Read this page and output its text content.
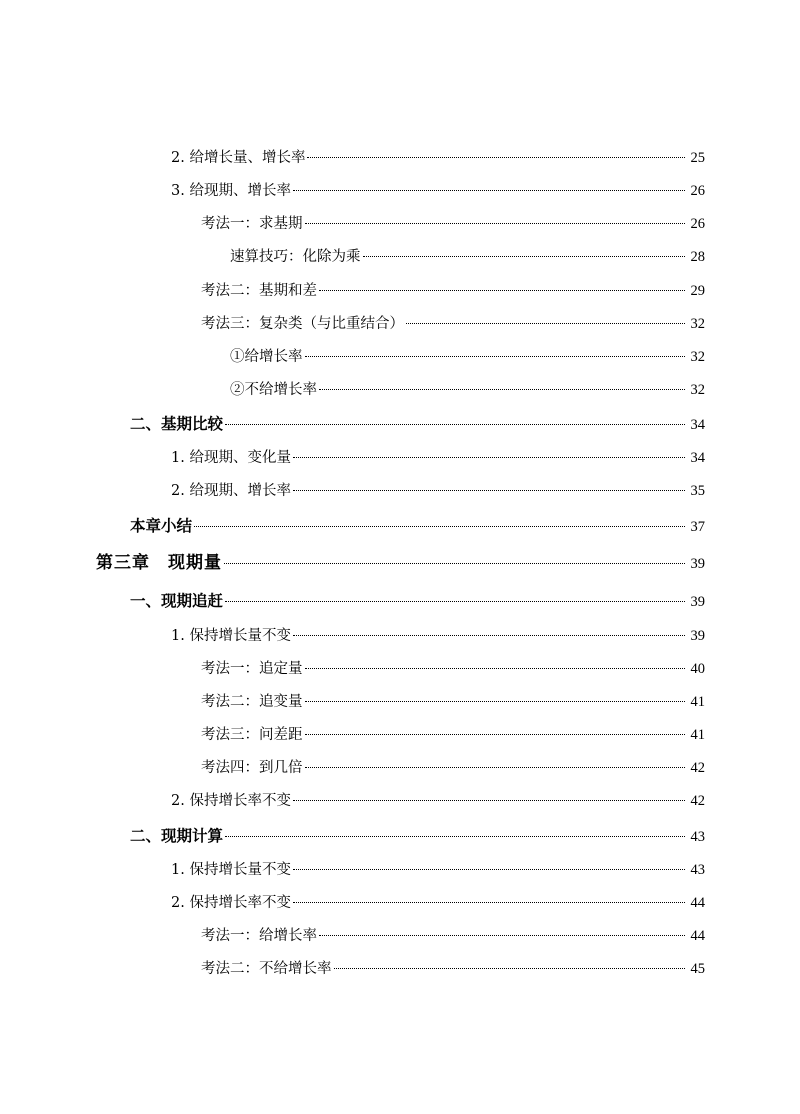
2. 给增长量、增长率	25
3. 给现期、增长率	26
考法一：求基期	26
速算技巧：化除为乘	28
考法二：基期和差	29
考法三：复杂类（与比重结合）	32
①给增长率	32
②不给增长率	32
二、基期比较	34
1. 给现期、变化量	34
2. 给现期、增长率	35
本章小结	37
第三章 现期量	39
一、现期追赶	39
1. 保持增长量不变	39
考法一：追定量	40
考法二：追变量	41
考法三：问差距	41
考法四：到几倍	42
2. 保持增长率不变	42
二、现期计算	43
1. 保持增长量不变	43
2. 保持增长率不变	44
考法一：给增长率	44
考法二：不给增长率	45
